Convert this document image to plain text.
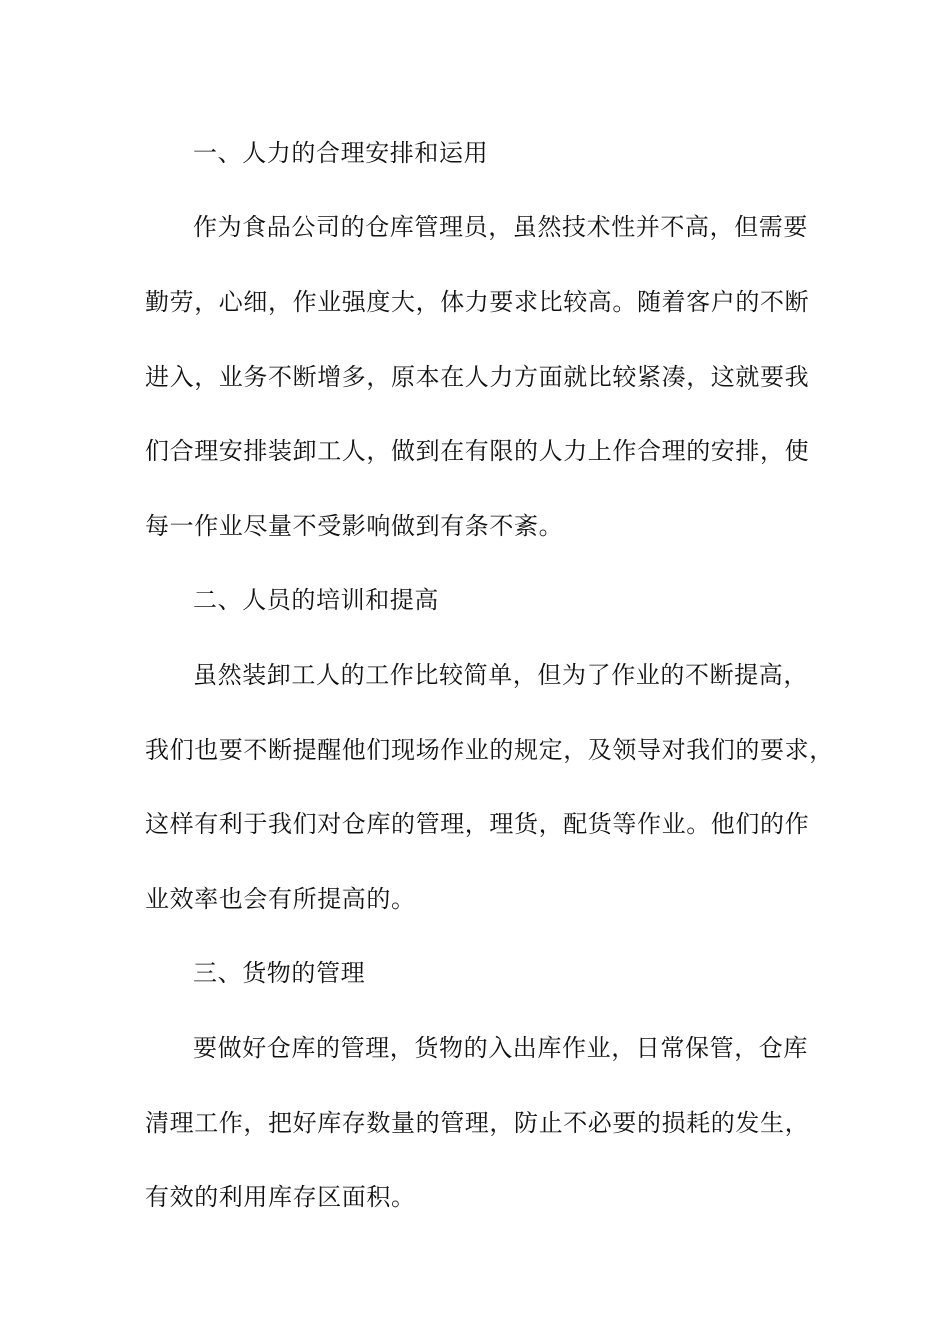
一、人力的合理安排和运用
作为食品公司的仓库管理员，虽然技术性并不高，但需要
勤劳，心细，作业强度大，体力要求比较高。随着客户的不断
进入，业务不断增多，原本在人力方面就比较紧凑，这就要我
们合理安排装卸工人，做到在有限的人力上作合理的安排，使
每一作业尽量不受影响做到有条不紊。
二、人员的培训和提高
虽然装卸工人的工作比较简单，但为了作业的不断提高，
我们也要不断提醒他们现场作业的规定，及领导对我们的要求，
这样有利于我们对仓库的管理，理货，配货等作业。他们的作
业效率也会有所提高的。
三、货物的管理
要做好仓库的管理，货物的入出库作业，日常保管，仓库
清理工作，把好库存数量的管理，防止不必要的损耗的发生，
有效的利用库存区面积。
